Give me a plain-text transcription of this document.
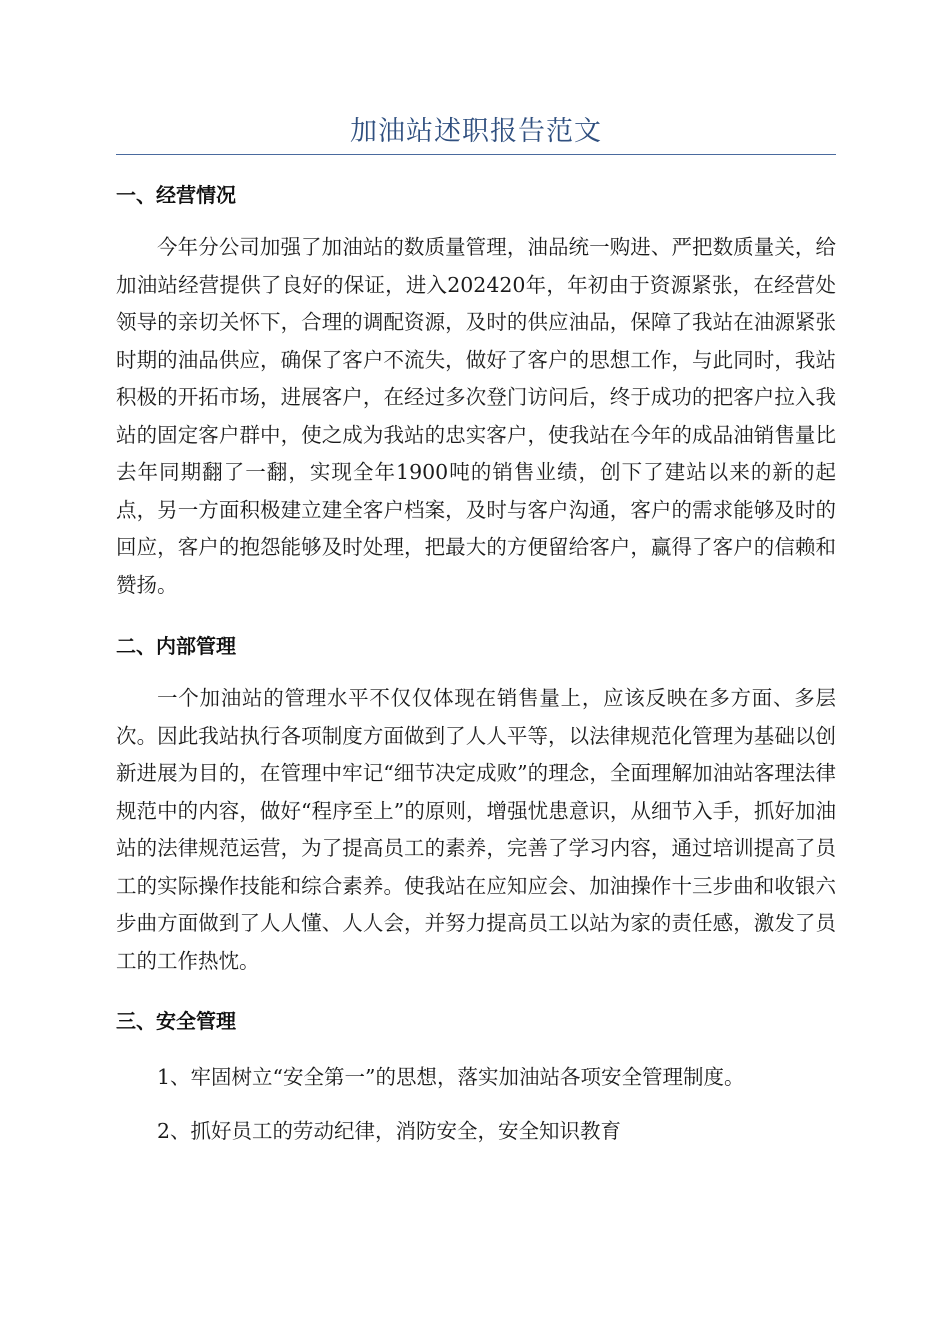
加油站述职报告范文
一、经营情况
今年分公司加强了加油站的数质量管理，油品统一购进、严把数质量关，给加油站经营提供了良好的保证，进入202420年，年初由于资源紧张，在经营处领导的亲切关怀下，合理的调配资源，及时的供应油品，保障了我站在油源紧张时期的油品供应，确保了客户不流失，做好了客户的思想工作，与此同时，我站积极的开拓市场，进展客户，在经过多次登门访问后，终于成功的把客户拉入我站的固定客户群中，使之成为我站的忠实客户，使我站在今年的成品油销售量比去年同期翻了一翻，实现全年1900吨的销售业绩，创下了建站以来的新的起点，另一方面积极建立建全客户档案，及时与客户沟通，客户的需求能够及时的回应，客户的抱怨能够及时处理，把最大的方便留给客户，赢得了客户的信赖和赞扬。
二、内部管理
一个加油站的管理水平不仅仅体现在销售量上，应该反映在多方面、多层次。因此我站执行各项制度方面做到了人人平等，以法律规范化管理为基础以创新进展为目的，在管理中牢记“细节决定成败”的理念，全面理解加油站客理法律规范中的内容，做好“程序至上”的原则，增强忧患意识，从细节入手，抓好加油站的法律规范运营，为了提高员工的素养，完善了学习内容，通过培训提高了员工的实际操作技能和综合素养。使我站在应知应会、加油操作十三步曲和收银六步曲方面做到了人人懂、人人会，并努力提高员工以站为家的责任感，激发了员工的工作热忱。
三、安全管理
1、牢固树立“安全第一”的思想，落实加油站各项安全管理制度。
2、抓好员工的劳动纪律，消防安全，安全知识教育
